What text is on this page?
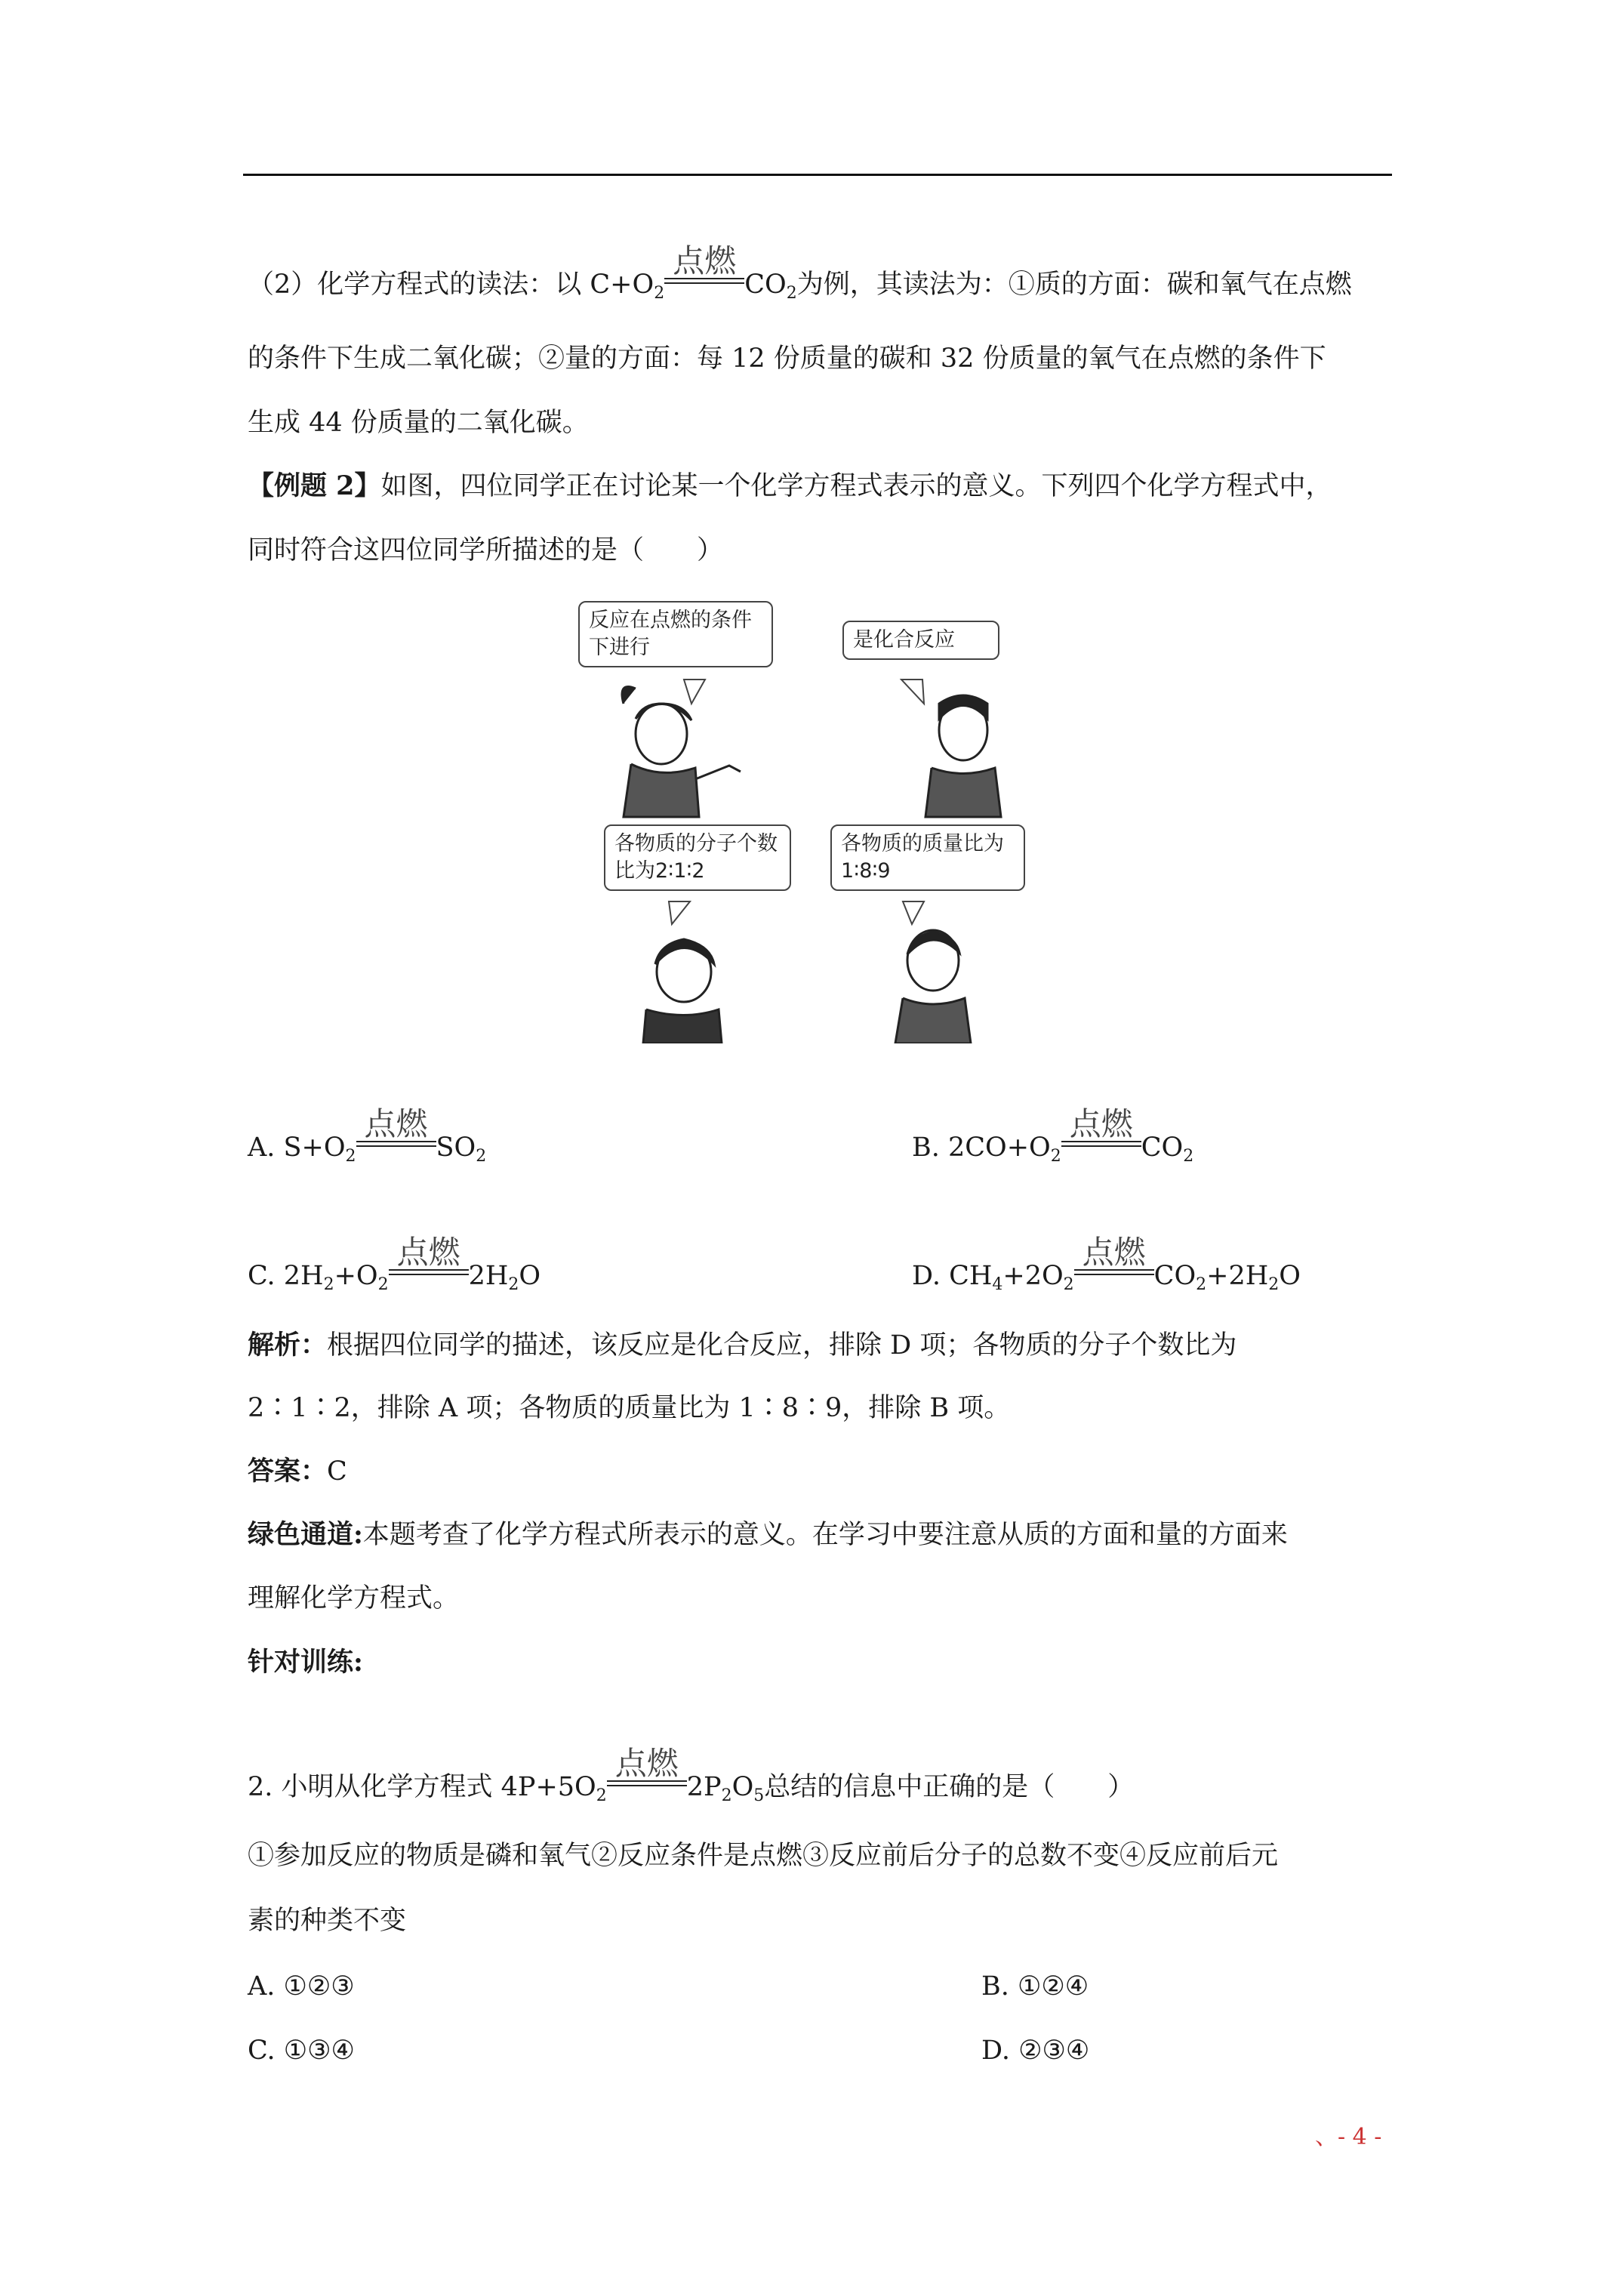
（2）化学方程式的读法：以 $C+O_2$
点燃
$CO_2$为例，其读法为：①质的方面：碳和氧气在点燃
的条件下生成二氧化碳；②量的方面：每 12 份质量的碳和 32 份质量的氧气在点燃的条件下
生成 44 份质量的二氧化碳。
【例题 2】如图，四位同学正在讨论某一个化学方程式表示的意义。下列四个化学方程式中，
同时符合这四位同学所描述的是（　　）
反应在点燃的条件下进行	是化合反应
各物质的分子个数比为2∶1∶2
各物质的质量比为1∶8∶9
A. $S+O_2$
点燃
$SO_2$	B. $2CO+O_2$
点燃
$CO_2$
C. $2H_2+O_2$
点燃
$2H_2O$	D. $CH_4+2O_2$
点燃
$CO_2+2H_2O$
解析：根据四位同学的描述，该反应是化合反应，排除 D 项；各物质的分子个数比为
2∶1∶2，排除 A 项；各物质的质量比为 1∶8∶9，排除 B 项。
答案：C
绿色通道:本题考查了化学方程式所表示的意义。在学习中要注意从质的方面和量的方面来
理解化学方程式。
针对训练:
2. 小明从化学方程式 $4P+5O_2$
点燃
$2P_2O_5$总结的信息中正确的是（　　）
①参加反应的物质是磷和氧气②反应条件是点燃③反应前后分子的总数不变④反应前后元
素的种类不变
A. ①②③	B. ①②④
C. ①③④	D. ②③④
、- 4 -
